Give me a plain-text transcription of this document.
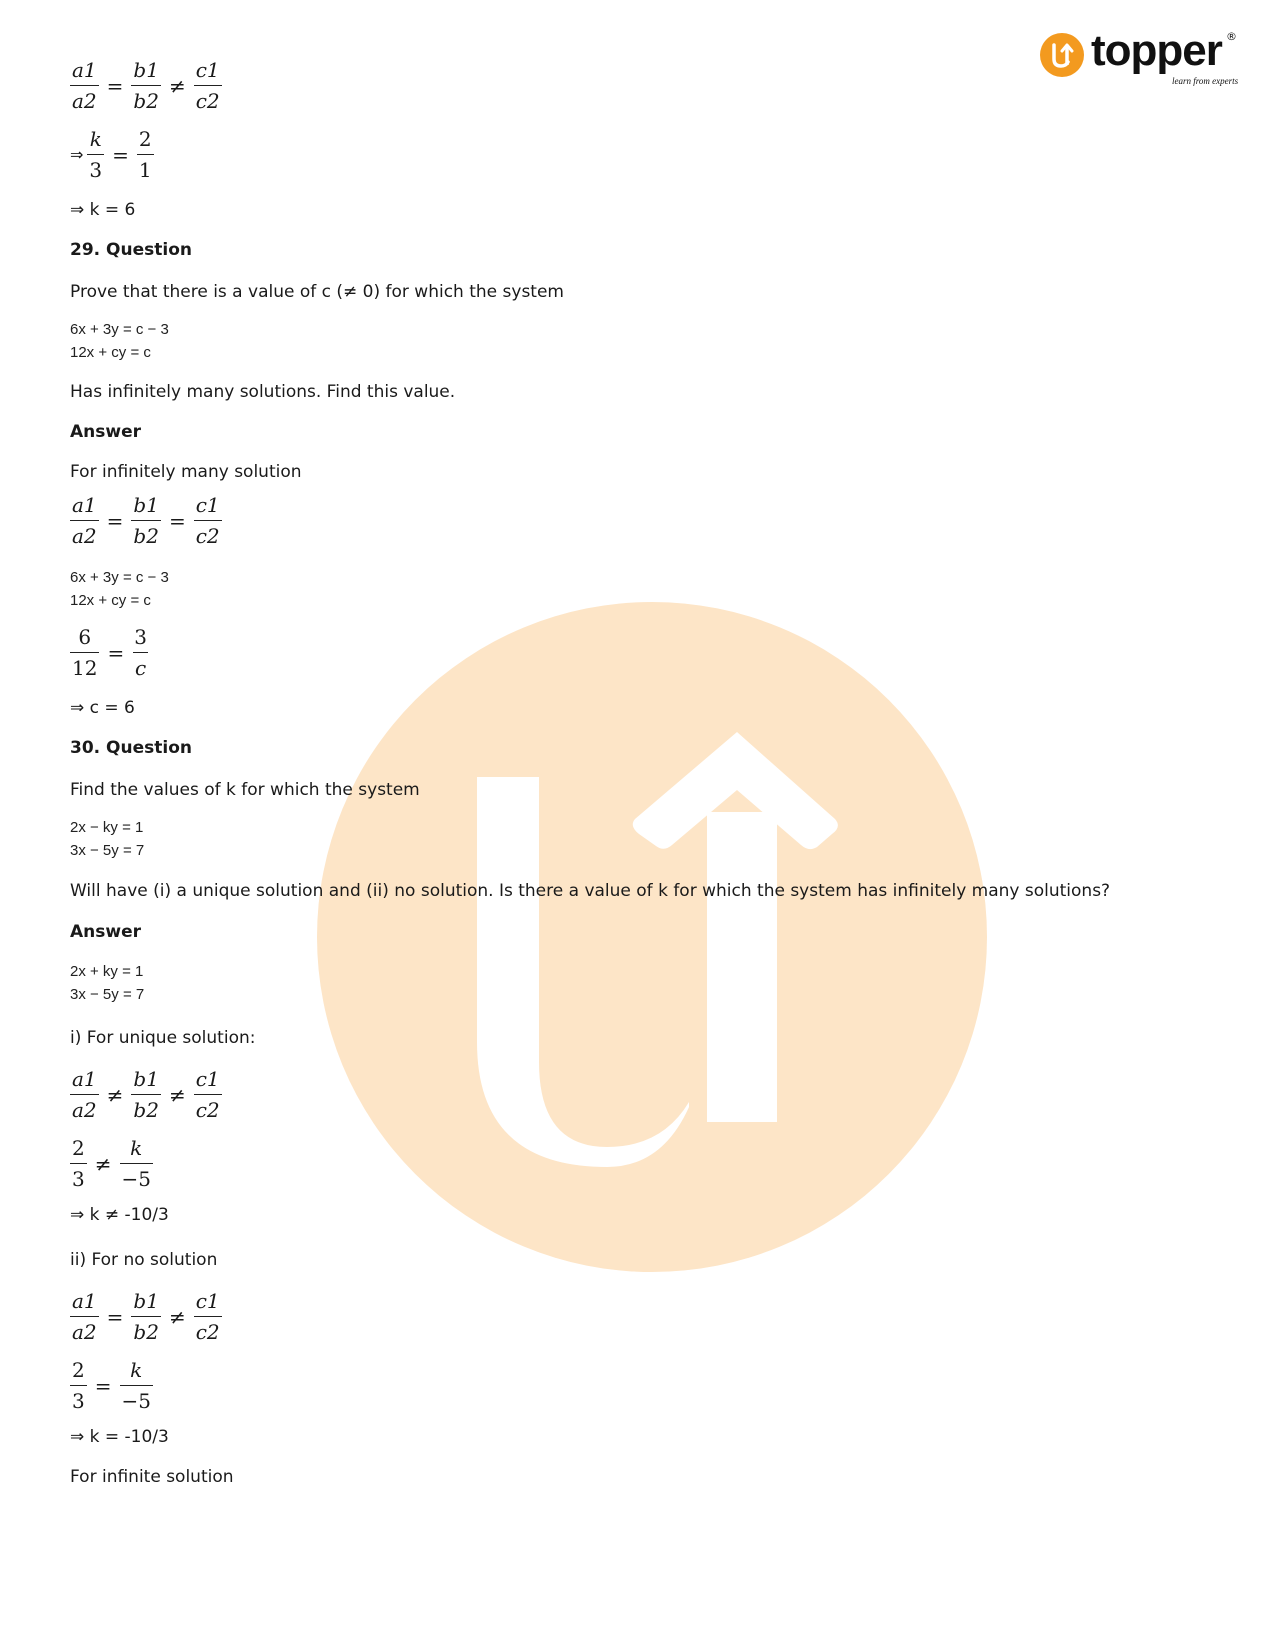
topper ®
learn from experts
$\frac{a1}{a2} = \frac{b1}{b2} \ne \frac{c1}{c2}$
⇒ $\frac{k}{3} = \frac{2}{1}$
⇒ k = 6
29. Question
Prove that there is a value of c (≠ 0) for which the system
6x + 3y = c − 3
12x + cy = c
Has infinitely many solutions. Find this value.
Answer
For infinitely many solution
$\frac{a1}{a2} = \frac{b1}{b2} = \frac{c1}{c2}$
6x + 3y = c − 3
12x + cy = c
$\frac{6}{12} = \frac{3}{c}$
⇒ c = 6
30. Question
Find the values of k for which the system
2x − ky = 1
3x − 5y = 7
Will have (i) a unique solution and (ii) no solution. Is there a value of k for which the system has infinitely many solutions?
Answer
2x + ky = 1
3x − 5y = 7
i) For unique solution:
$\frac{a1}{a2} \ne \frac{b1}{b2} \ne \frac{c1}{c2}$
$\frac{2}{3} \ne \frac{k}{-5}$
⇒ k ≠ -10/3
ii) For no solution
$\frac{a1}{a2} = \frac{b1}{b2} \ne \frac{c1}{c2}$
$\frac{2}{3} = \frac{k}{-5}$
⇒ k = -10/3
For infinite solution
